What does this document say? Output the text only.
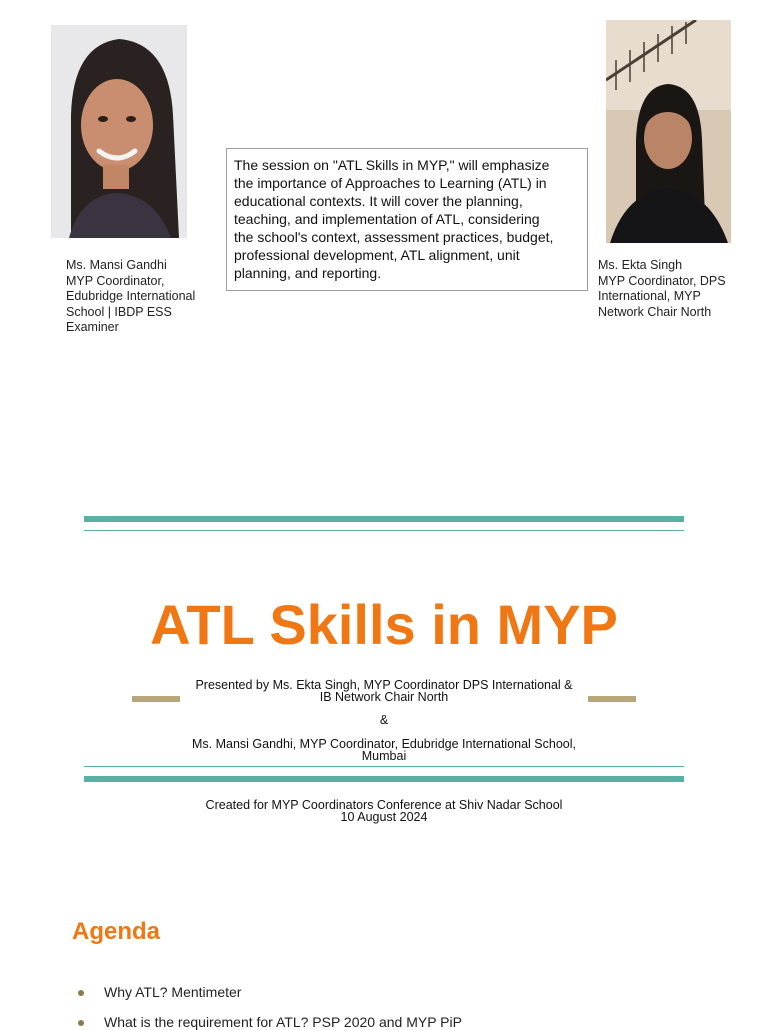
Ms. Mansi Gandhi
MYP Coordinator,
Edubridge International
School | IBDP ESS
Examiner
Ms. Ekta Singh
MYP Coordinator, DPS
International, MYP
Network Chair North
The session on "ATL Skills in MYP," will emphasize
the importance of Approaches to Learning (ATL) in
educational contexts. It will cover the planning,
teaching, and implementation of ATL, considering
the school's context, assessment practices, budget,
professional development, ATL alignment, unit
planning, and reporting.
ATL Skills in MYP
Presented by Ms. Ekta Singh, MYP Coordinator DPS International &
IB Network Chair North
&
Ms. Mansi Gandhi, MYP Coordinator, Edubridge International School,
Mumbai
Created for MYP Coordinators Conference at Shiv Nadar School
10 August 2024
Agenda
Why ATL? Mentimeter
What is the requirement for ATL? PSP 2020 and MYP PiP
